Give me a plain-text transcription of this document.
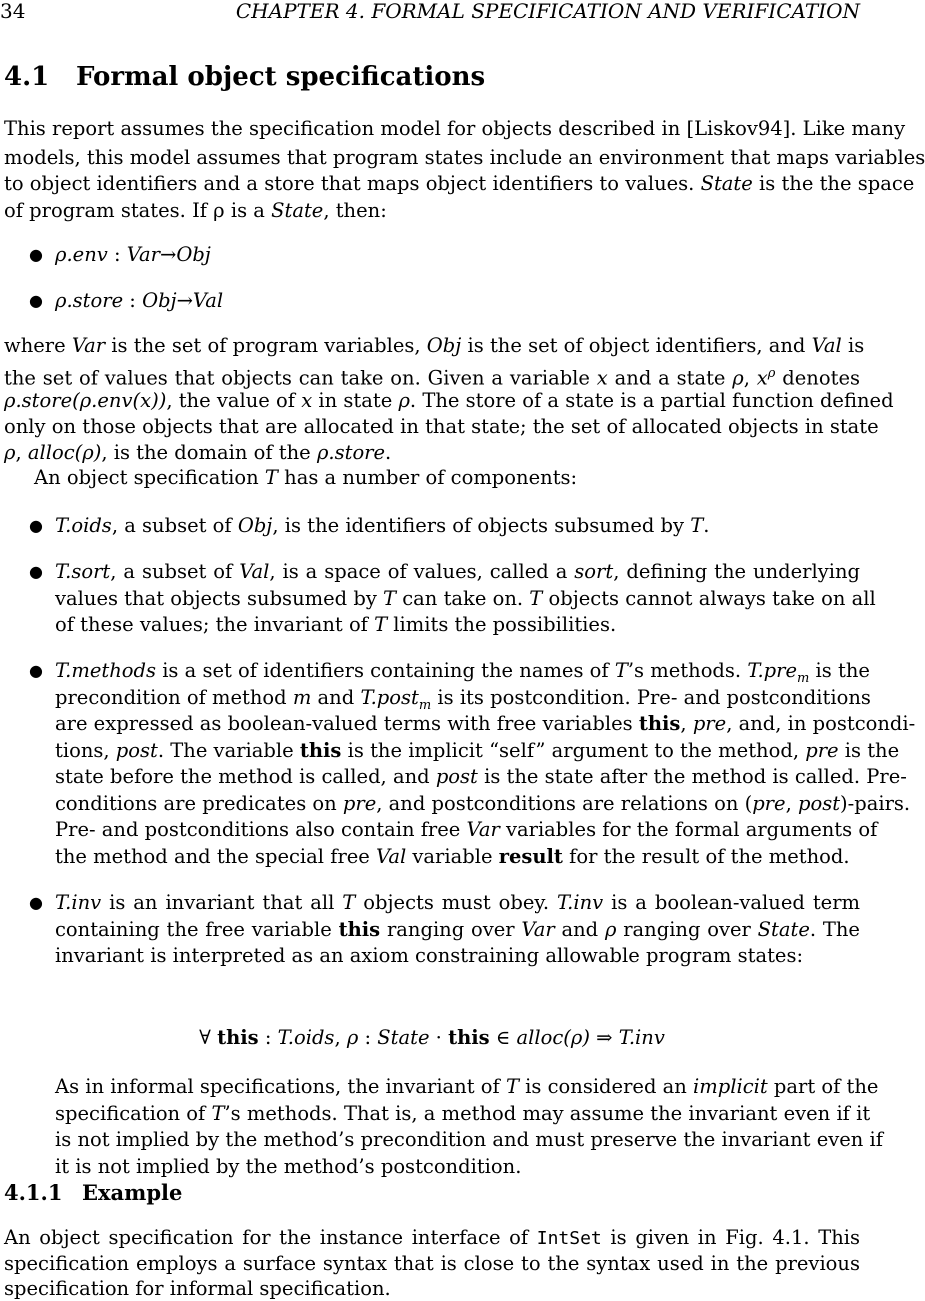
34	CHAPTER 4. FORMAL SPECIFICATION AND VERIFICATION
4.1 Formal object specifications
This report assumes the specification model for objects described in [Liskov94]. Like many
models, this model assumes that program states include an environment that maps variables
to object identifiers and a store that maps object identifiers to values. State is the the space
of program states. If ρ is a State, then:
● ρ.env : Var→Obj
● ρ.store : Obj→Val
where Var is the set of program variables, Obj is the set of object identifiers, and Val is
the set of values that objects can take on. Given a variable x and a state ρ, $x^\rho$ denotes
ρ.store(ρ.env(x)), the value of x in state ρ. The store of a state is a partial function defined
only on those objects that are allocated in that state; the set of allocated objects in state
ρ, alloc(ρ), is the domain of the ρ.store.
An object specification T has a number of components:
● T.oids, a subset of Obj, is the identifiers of objects subsumed by T.
● T.sort, a subset of Val, is a space of values, called a sort, defining the underlying
values that objects subsumed by T can take on. T objects cannot always take on all
of these values; the invariant of T limits the possibilities.
● T.methods is a set of identifiers containing the names of T’s methods. T.pre$_m$ is the
precondition of method m and T.post$_m$ is its postcondition. Pre- and postconditions
are expressed as boolean-valued terms with free variables this, pre, and, in postcondi-
tions, post. The variable this is the implicit “self” argument to the method, pre is the
state before the method is called, and post is the state after the method is called. Pre-
conditions are predicates on pre, and postconditions are relations on (pre, post)-pairs.
Pre- and postconditions also contain free Var variables for the formal arguments of
the method and the special free Val variable result for the result of the method.
● T.inv is an invariant that all T objects must obey. T.inv is a boolean-valued term
containing the free variable this ranging over Var and ρ ranging over State. The
invariant is interpreted as an axiom constraining allowable program states:
∀ this : T.oids, ρ : State · this ∈ alloc(ρ) ⇒ T.inv
As in informal specifications, the invariant of T is considered an implicit part of the
specification of T’s methods. That is, a method may assume the invariant even if it
is not implied by the method’s precondition and must preserve the invariant even if
it is not implied by the method’s postcondition.
4.1.1 Example
An object specification for the instance interface of IntSet is given in Fig. 4.1. This
specification employs a surface syntax that is close to the syntax used in the previous
specification for informal specification.
